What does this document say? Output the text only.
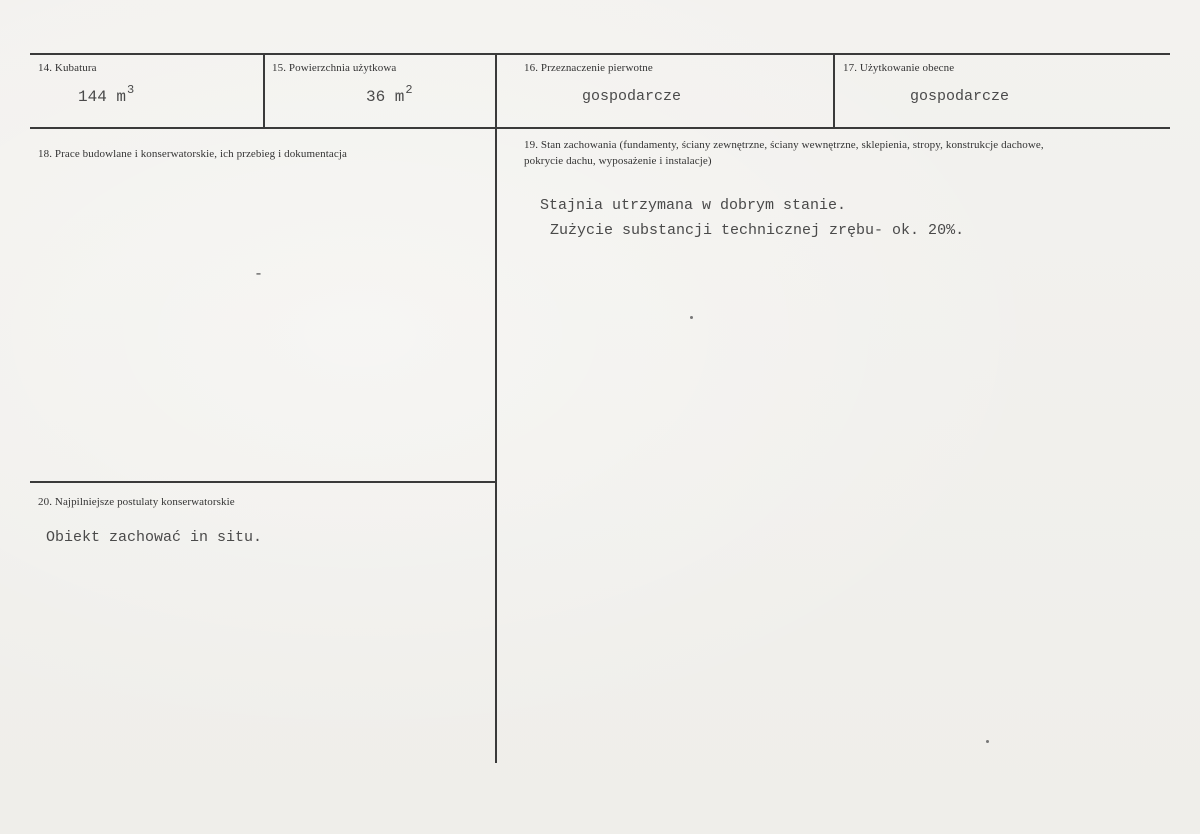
14. Kubatura
144 $m^3$
15. Powierzchnia użytkowa
36 $m^2$
16. Przeznaczenie pierwotne
gospodarcze
17. Użytkowanie obecne
gospodarcze
18. Prace budowlane i konserwatorskie, ich przebieg i dokumentacja
-
19. Stan zachowania (fundamenty, ściany zewnętrzne, ściany wewnętrzne, sklepienia, stropy, konstrukcje dachowe, pokrycie dachu, wyposażenie i instalacje)
Stajnia utrzymana w dobrym stanie.
Zużycie substancji technicznej zrębu- ok. 20%.
20. Najpilniejsze postulaty konserwatorskie
Obiekt zachować in situ.
